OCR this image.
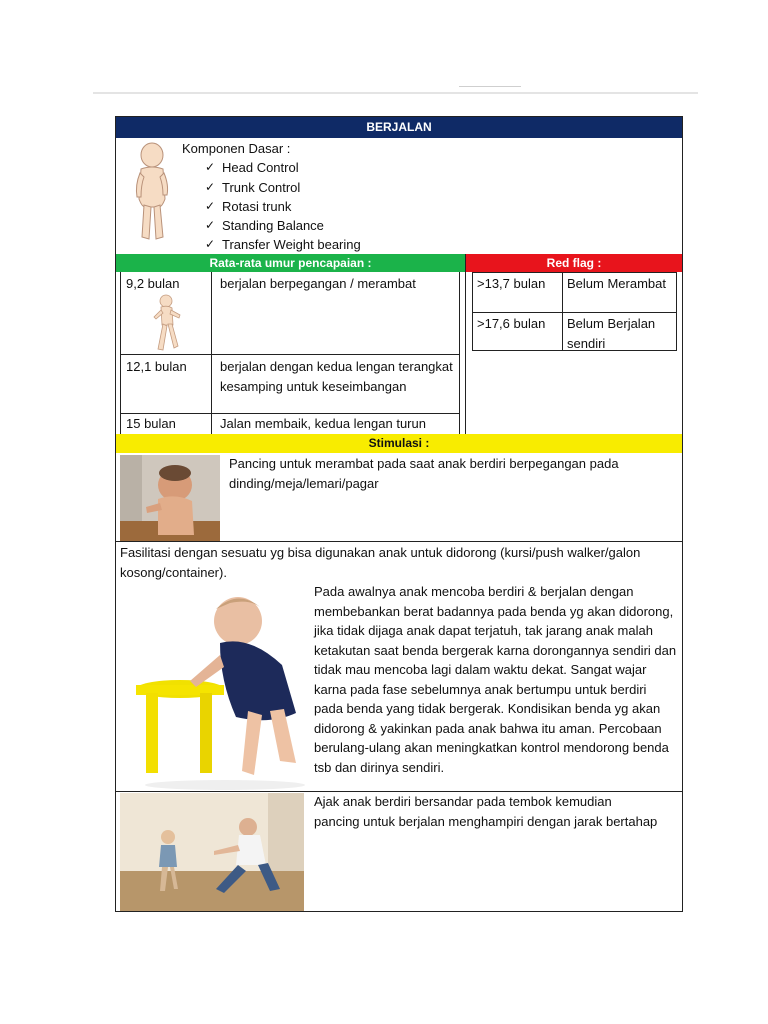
BERJALAN
Komponen Dasar :
✓ Head Control
✓ Trunk Control
✓ Rotasi trunk
✓ Standing Balance
✓ Transfer Weight bearing
Rata-rata umur pencapaian :	Red flag :
9,2 bulan	berjalan berpegangan / merambat
12,1 bulan	berjalan dengan kedua lengan terangkat kesamping untuk keseimbangan
15 bulan	Jalan membaik, kedua lengan turun
>13,7 bulan Belum Merambat
>17,6 bulan Belum Berjalan sendiri
Stimulasi :
Pancing untuk merambat pada saat anak berdiri berpegangan pada dinding/meja/lemari/pagar
Fasilitasi dengan sesuatu yg bisa digunakan anak untuk didorong (kursi/push walker/galon kosong/container).
Pada awalnya anak mencoba berdiri & berjalan dengan membebankan berat badannya pada benda yg akan didorong, jika tidak dijaga anak dapat terjatuh, tak jarang anak malah ketakutan saat benda bergerak karna dorongannya sendiri dan tidak mau mencoba lagi dalam waktu dekat. Sangat wajar karna pada fase sebelumnya anak bertumpu untuk berdiri pada benda yang tidak bergerak. Kondisikan benda yg akan didorong & yakinkan pada anak bahwa itu aman. Percobaan berulang-ulang akan meningkatkan kontrol mendorong benda tsb dan dirinya sendiri.
Ajak anak berdiri bersandar pada tembok kemudian pancing untuk berjalan menghampiri dengan jarak bertahap
